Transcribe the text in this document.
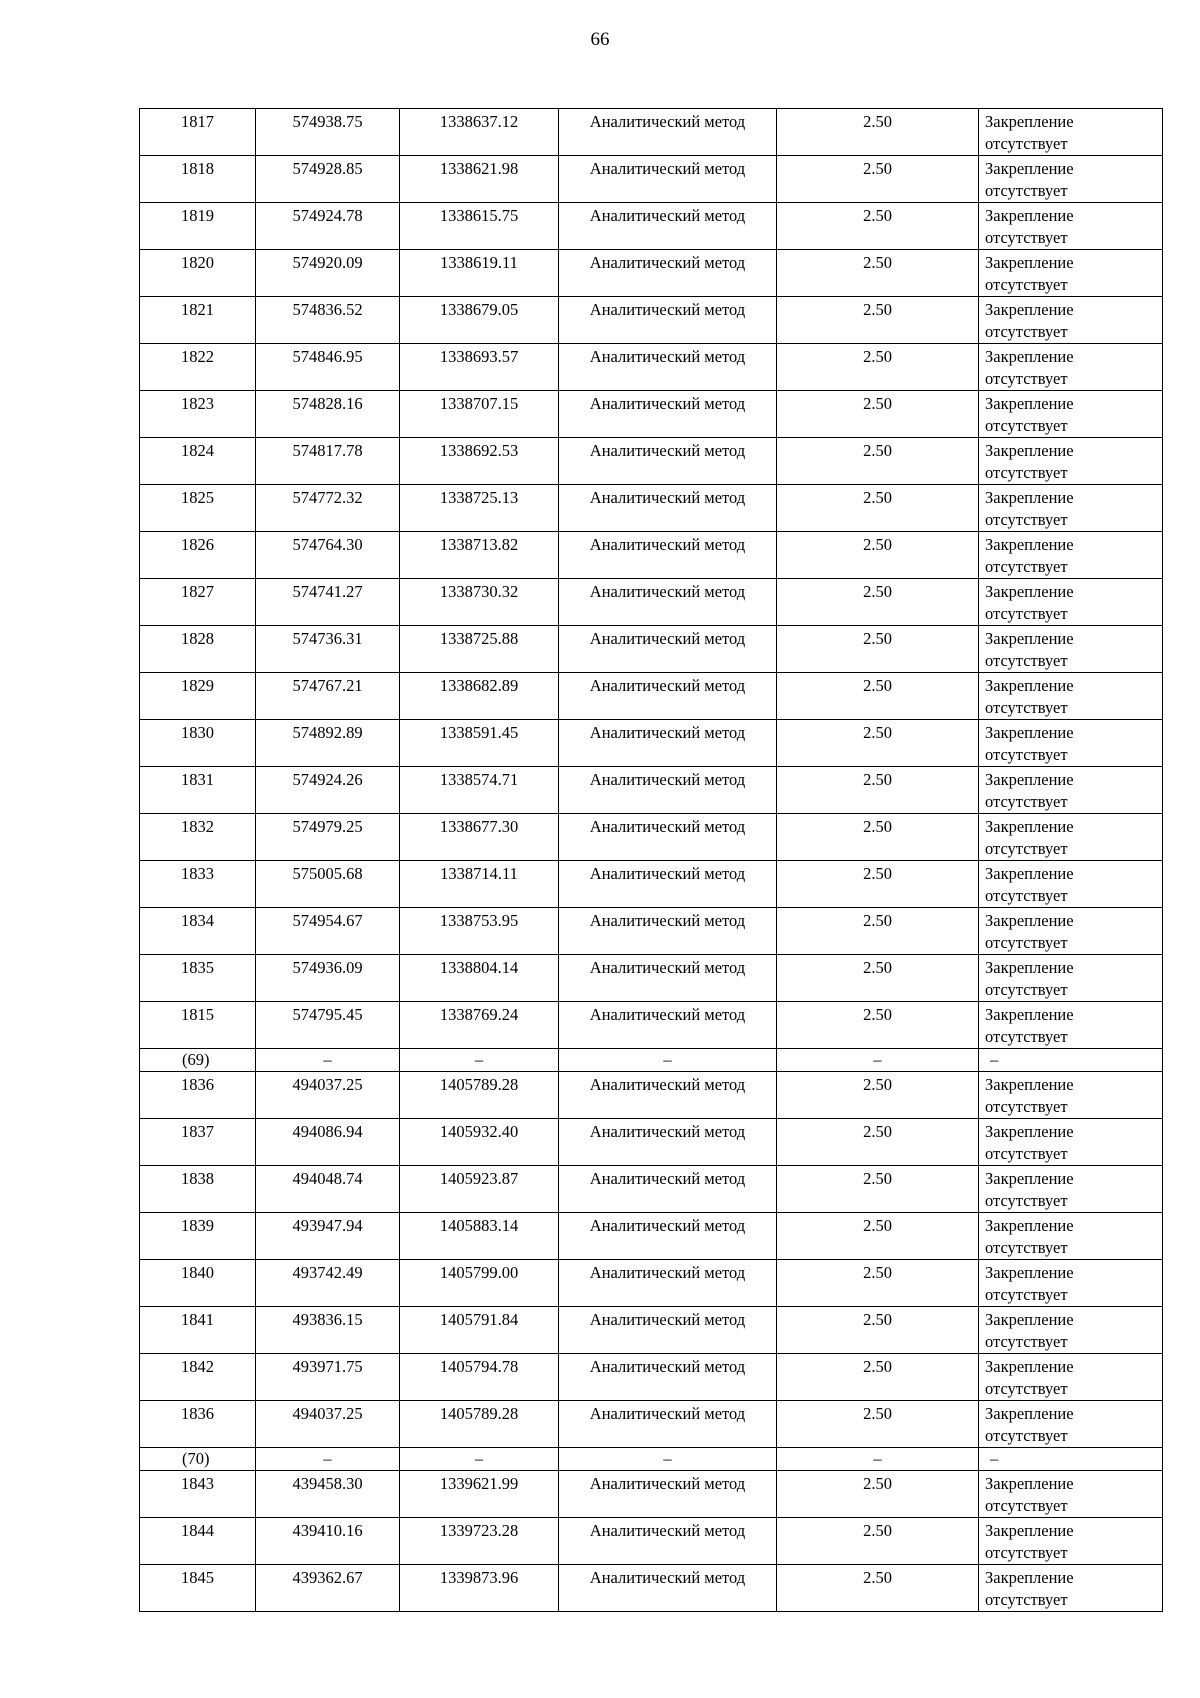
66
1817	574938.75	1338637.12	Аналитический метод	2.50	Закрепление отсутствует
1818	574928.85	1338621.98	Аналитический метод	2.50	Закрепление отсутствует
1819	574924.78	1338615.75	Аналитический метод	2.50	Закрепление отсутствует
1820	574920.09	1338619.11	Аналитический метод	2.50	Закрепление отсутствует
1821	574836.52	1338679.05	Аналитический метод	2.50	Закрепление отсутствует
1822	574846.95	1338693.57	Аналитический метод	2.50	Закрепление отсутствует
1823	574828.16	1338707.15	Аналитический метод	2.50	Закрепление отсутствует
1824	574817.78	1338692.53	Аналитический метод	2.50	Закрепление отсутствует
1825	574772.32	1338725.13	Аналитический метод	2.50	Закрепление отсутствует
1826	574764.30	1338713.82	Аналитический метод	2.50	Закрепление отсутствует
1827	574741.27	1338730.32	Аналитический метод	2.50	Закрепление отсутствует
1828	574736.31	1338725.88	Аналитический метод	2.50	Закрепление отсутствует
1829	574767.21	1338682.89	Аналитический метод	2.50	Закрепление отсутствует
1830	574892.89	1338591.45	Аналитический метод	2.50	Закрепление отсутствует
1831	574924.26	1338574.71	Аналитический метод	2.50	Закрепление отсутствует
1832	574979.25	1338677.30	Аналитический метод	2.50	Закрепление отсутствует
1833	575005.68	1338714.11	Аналитический метод	2.50	Закрепление отсутствует
1834	574954.67	1338753.95	Аналитический метод	2.50	Закрепление отсутствует
1835	574936.09	1338804.14	Аналитический метод	2.50	Закрепление отсутствует
1815	574795.45	1338769.24	Аналитический метод	2.50	Закрепление отсутствует
(69)	–	–	–	–	–
1836	494037.25	1405789.28	Аналитический метод	2.50	Закрепление отсутствует
1837	494086.94	1405932.40	Аналитический метод	2.50	Закрепление отсутствует
1838	494048.74	1405923.87	Аналитический метод	2.50	Закрепление отсутствует
1839	493947.94	1405883.14	Аналитический метод	2.50	Закрепление отсутствует
1840	493742.49	1405799.00	Аналитический метод	2.50	Закрепление отсутствует
1841	493836.15	1405791.84	Аналитический метод	2.50	Закрепление отсутствует
1842	493971.75	1405794.78	Аналитический метод	2.50	Закрепление отсутствует
1836	494037.25	1405789.28	Аналитический метод	2.50	Закрепление отсутствует
(70)	–	–	–	–	–
1843	439458.30	1339621.99	Аналитический метод	2.50	Закрепление отсутствует
1844	439410.16	1339723.28	Аналитический метод	2.50	Закрепление отсутствует
1845	439362.67	1339873.96	Аналитический метод	2.50	Закрепление отсутствует
